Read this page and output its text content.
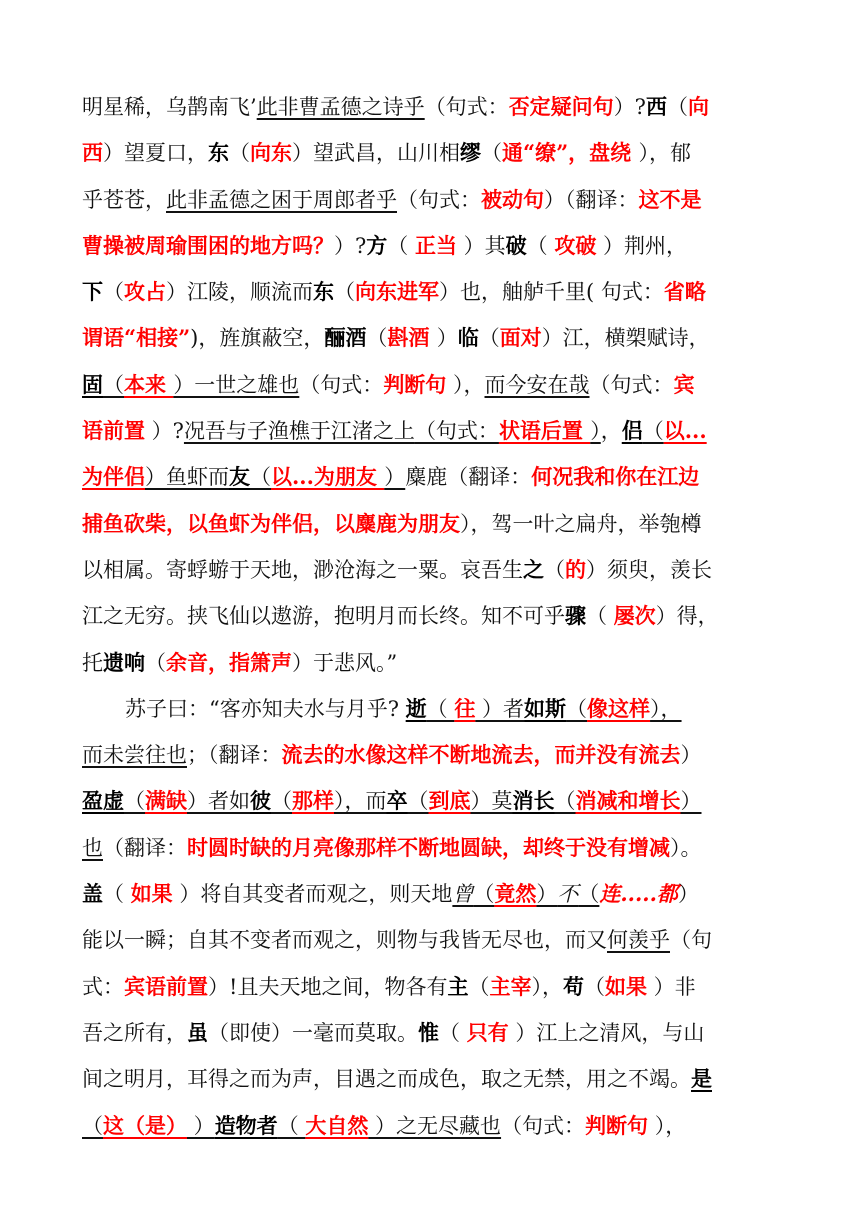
明星稀，乌鹊南飞’此非曹孟德之诗乎（句式：否定疑问句）?西（向
西）望夏口，东（向东）望武昌，山川相缪（通“缭”，盘绕 ），郁
乎苍苍，此非孟德之困于周郎者乎（句式：被动句）（翻译：这不是
曹操被周瑜围困的地方吗？）?方（ 正当 ）其破（ 攻破 ）荆州，
下（攻占）江陵，顺流而东（向东进军）也，舳舻千里( 句式：省略
谓语“相接”)，旌旗蔽空，酾酒（斟酒 ）临（面对）江，横槊赋诗，
固（本来 ）一世之雄也（句式：判断句 ），而今安在哉（句式：宾
语前置 ）?况吾与子渔樵于江渚之上（句式：状语后置 ），侣（以...
为伴侣）鱼虾而友（以...为朋友 ）麋鹿（翻译：何况我和你在江边
捕鱼砍柴，以鱼虾为伴侣，以麋鹿为朋友），驾一叶之扁舟，举匏樽
以相属。寄蜉蝣于天地，渺沧海之一粟。哀吾生之（的）须臾，羡长
江之无穷。挟飞仙以遨游，抱明月而长终。知不可乎骤（ 屡次）得，
托遗响（余音，指箫声）于悲风。”
苏子曰：“客亦知夫水与月乎? 逝（ 往 ）者如斯（像这样），
而未尝往也；（翻译：流去的水像这样不断地流去，而并没有流去）
盈虚（满缺）者如彼（那样），而卒（到底）莫消长（消减和增长）
也（翻译：时圆时缺的月亮像那样不断地圆缺，却终于没有增减）。
盖（ 如果 ）将自其变者而观之，则天地曾（竟然）不（连.....都）
能以一瞬；自其不变者而观之，则物与我皆无尽也，而又何羡乎（句
式：宾语前置）!且夫天地之间，物各有主（主宰），苟（如果 ）非
吾之所有，虽（即使）一毫而莫取。惟（ 只有 ）江上之清风，与山
间之明月，耳得之而为声，目遇之而成色，取之无禁，用之不竭。是
（这（是） ）造物者（ 大自然 ）之无尽藏也（句式：判断句 ），
